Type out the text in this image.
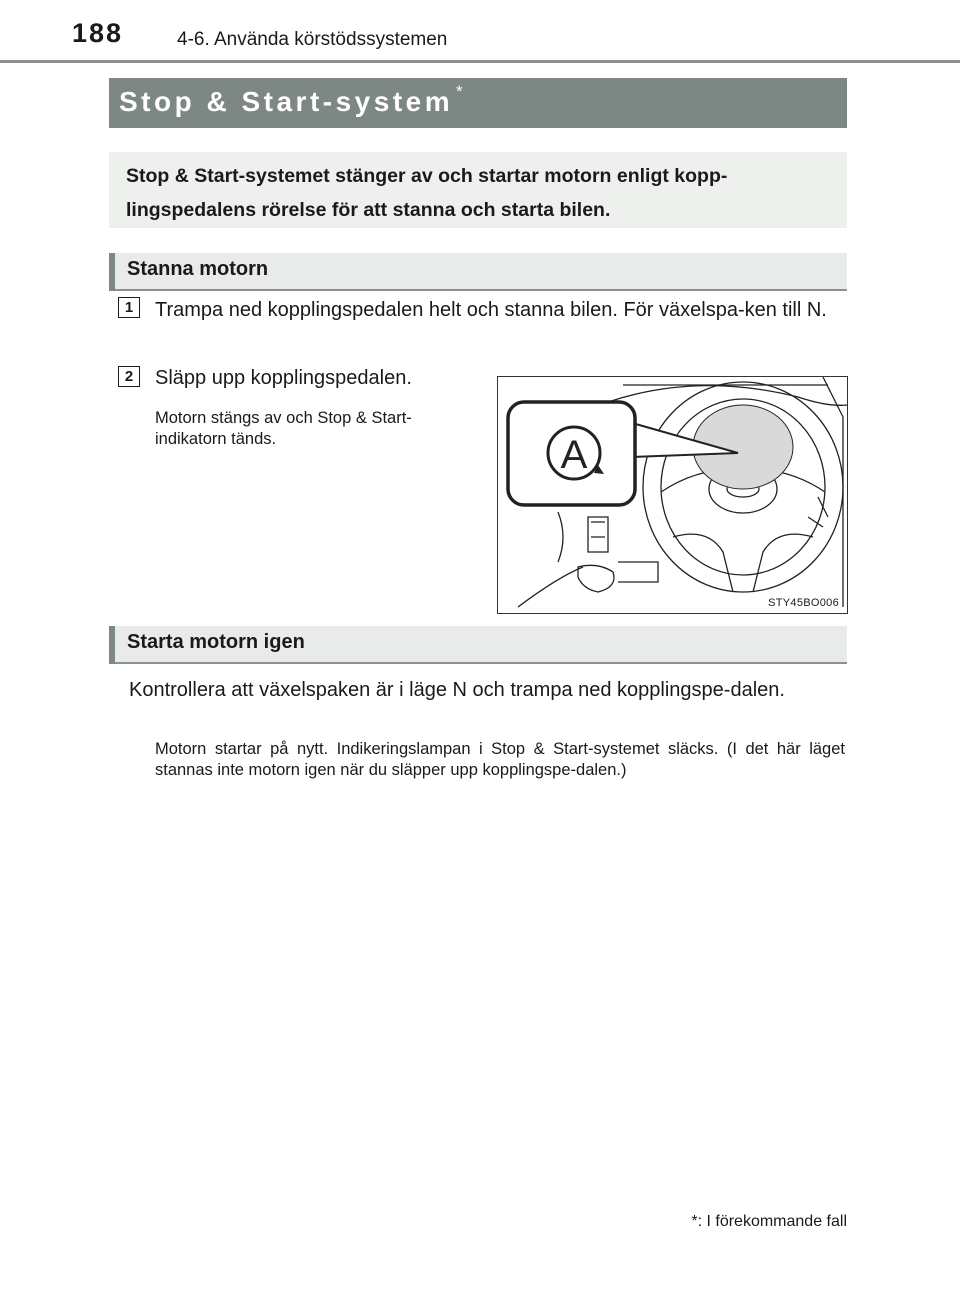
188	4-6. Använda körstödssystemen
Stop & Start-system *
Stop & Start-systemet stänger av och startar motorn enligt kopp-lingspedalens rörelse för att stanna och starta bilen.
Stanna motorn
1	Trampa ned kopplingspedalen helt och stanna bilen. För växelspa-ken till N.
2	Släpp upp kopplingspedalen.
Motorn stängs av och Stop & Start-indikatorn tänds.	A
STY45BO006
Starta motorn igen
Kontrollera att växelspaken är i läge N och trampa ned kopplingspe-dalen.
Motorn startar på nytt. Indikeringslampan i Stop & Start-systemet släcks. (I det här läget stannas inte motorn igen när du släpper upp kopplingspe-dalen.)
*: I förekommande fall
